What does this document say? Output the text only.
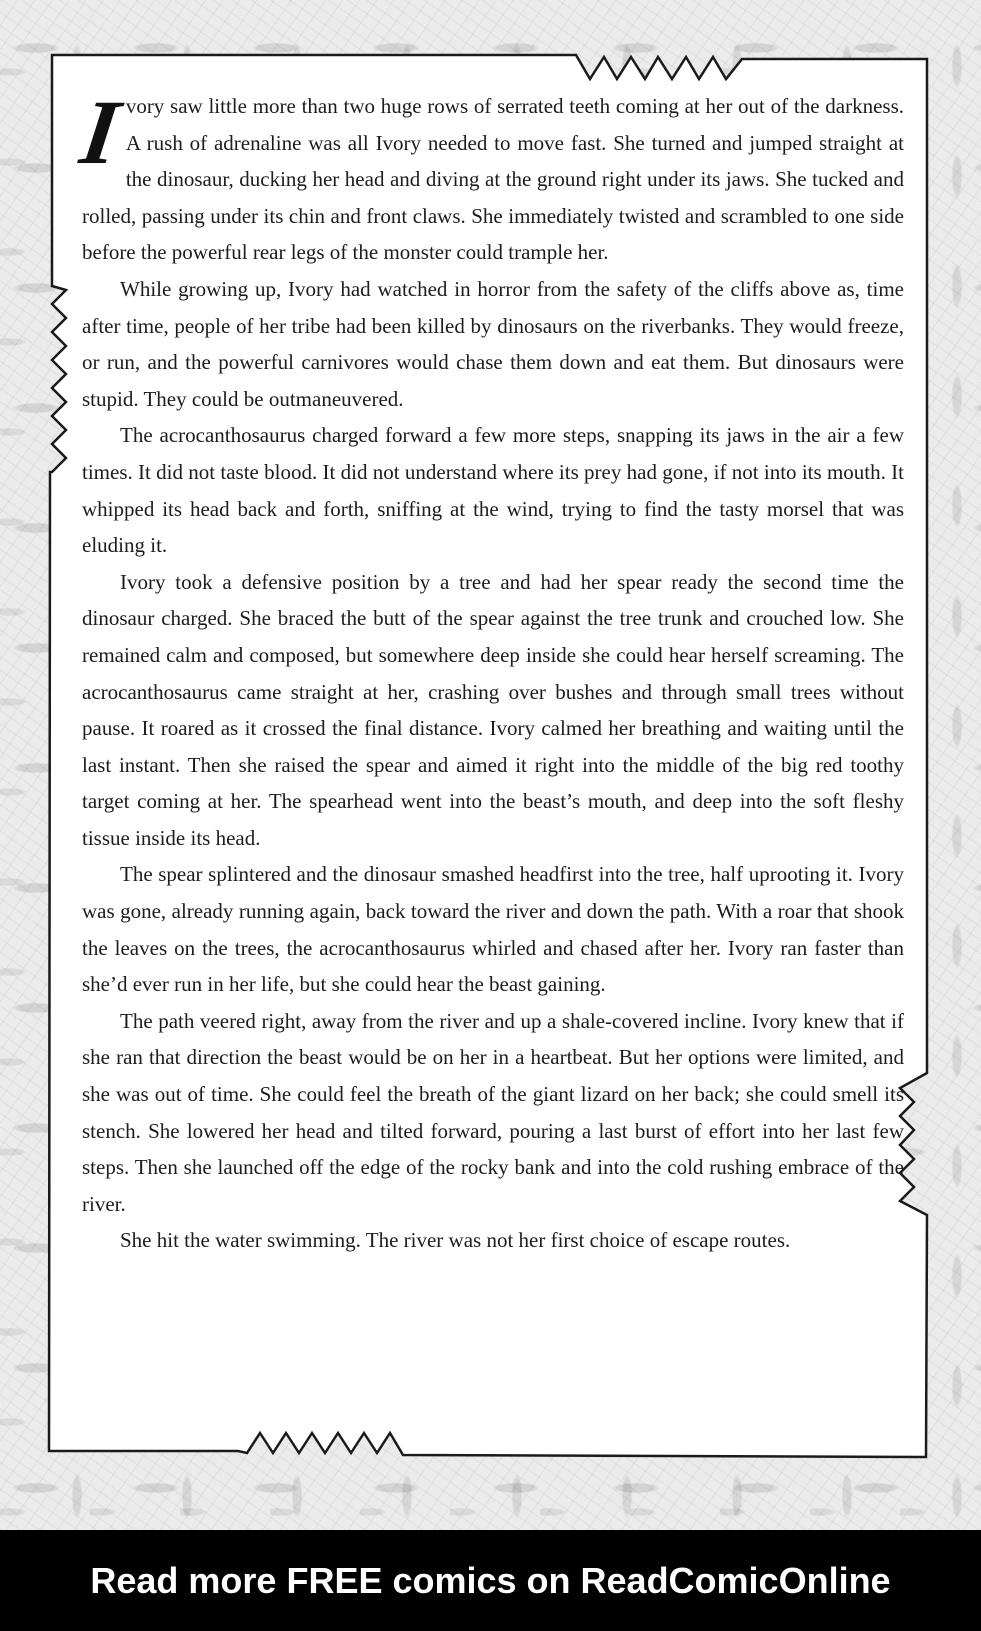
Ivory saw little more than two huge rows of serrated teeth coming at her out of the darkness. A rush of adrenaline was all Ivory needed to move fast. She turned and jumped straight at the dinosaur, ducking her head and diving at the ground right under its jaws. She tucked and rolled, passing under its chin and front claws. She immediately twisted and scrambled to one side before the powerful rear legs of the monster could trample her.

While growing up, Ivory had watched in horror from the safety of the cliffs above as, time after time, people of her tribe had been killed by dinosaurs on the riverbanks. They would freeze, or run, and the powerful carnivores would chase them down and eat them. But dinosaurs were stupid. They could be outmaneuvered.

The acrocanthosaurus charged forward a few more steps, snapping its jaws in the air a few times. It did not taste blood. It did not understand where its prey had gone, if not into its mouth. It whipped its head back and forth, sniffing at the wind, trying to find the tasty morsel that was eluding it.

Ivory took a defensive position by a tree and had her spear ready the second time the dinosaur charged. She braced the butt of the spear against the tree trunk and crouched low. She remained calm and composed, but somewhere deep inside she could hear herself screaming. The acrocanthosaurus came straight at her, crashing over bushes and through small trees without pause. It roared as it crossed the final distance. Ivory calmed her breathing and waiting until the last instant. Then she raised the spear and aimed it right into the middle of the big red toothy target coming at her. The spearhead went into the beast’s mouth, and deep into the soft fleshy tissue inside its head.

The spear splintered and the dinosaur smashed headfirst into the tree, half uprooting it. Ivory was gone, already running again, back toward the river and down the path. With a roar that shook the leaves on the trees, the acrocanthosaurus whirled and chased after her. Ivory ran faster than she’d ever run in her life, but she could hear the beast gaining.

The path veered right, away from the river and up a shale-covered incline. Ivory knew that if she ran that direction the beast would be on her in a heartbeat. But her options were limited, and she was out of time. She could feel the breath of the giant lizard on her back; she could smell its stench. She lowered her head and tilted forward, pouring a last burst of effort into her last few steps. Then she launched off the edge of the rocky bank and into the cold rushing embrace of the river.

She hit the water swimming. The river was not her first choice of escape routes.

Read more FREE comics on ReadComicOnline
